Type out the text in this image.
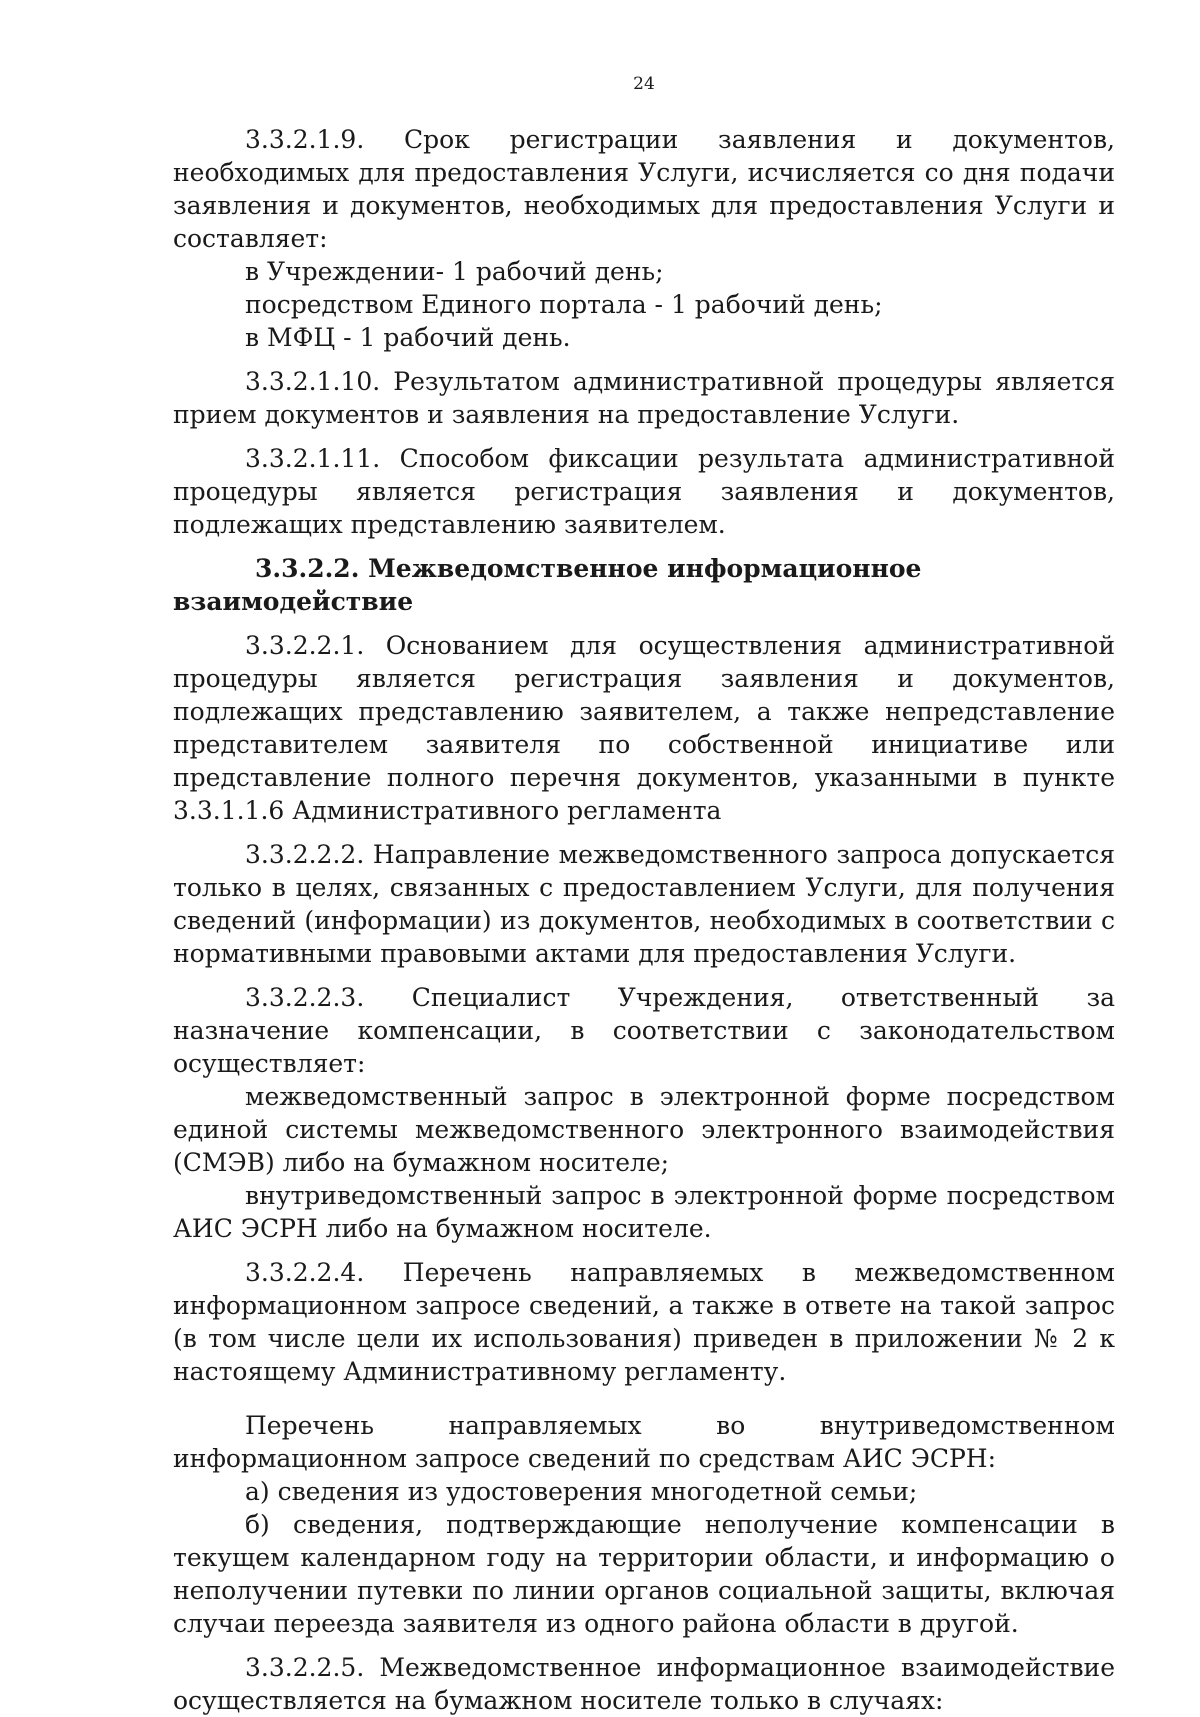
24

3.3.2.1.9. Срок регистрации заявления и документов, необходимых для предоставления Услуги, исчисляется со дня подачи заявления и документов, необходимых для предоставления Услуги и составляет:

в Учреждении- 1 рабочий день;

посредством Единого портала - 1 рабочий день;

в МФЦ - 1 рабочий день.

3.3.2.1.10. Результатом административной процедуры является прием документов и заявления на предоставление Услуги.

3.3.2.1.11. Способом фиксации результата административной процедуры является регистрация заявления и документов, подлежащих представлению заявителем.

3.3.2.2. Межведомственное информационное взаимодействие

3.3.2.2.1. Основанием для осуществления административной процедуры является регистрация заявления и документов, подлежащих представлению заявителем, а также непредставление представителем заявителя по собственной инициативе или представление полного перечня документов, указанными в пункте 3.3.1.1.6 Административного регламента

3.3.2.2.2. Направление межведомственного запроса допускается только в целях, связанных с предоставлением Услуги, для получения сведений (информации) из документов, необходимых в соответствии с нормативными правовыми актами для предоставления Услуги.

3.3.2.2.3. Специалист Учреждения, ответственный за назначение компенсации, в соответствии с законодательством осуществляет:

межведомственный запрос в электронной форме посредством единой системы межведомственного электронного взаимодействия (СМЭВ) либо на бумажном носителе;

внутриведомственный запрос в электронной форме посредством АИС ЭСРН либо на бумажном носителе.

3.3.2.2.4. Перечень направляемых в межведомственном информационном запросе сведений, а также в ответе на такой запрос (в том числе цели их использования) приведен в приложении № 2 к настоящему Административному регламенту.

Перечень направляемых во внутриведомственном информационном запросе сведений по средствам АИС ЭСРН:

а) сведения из удостоверения многодетной семьи;

б) сведения, подтверждающие неполучение компенсации в текущем календарном году на территории области, и информацию о неполучении путевки по линии органов социальной защиты, включая случаи переезда заявителя из одного района области в другой.

3.3.2.2.5. Межведомственное информационное взаимодействие осуществляется на бумажном носителе только в случаях:
